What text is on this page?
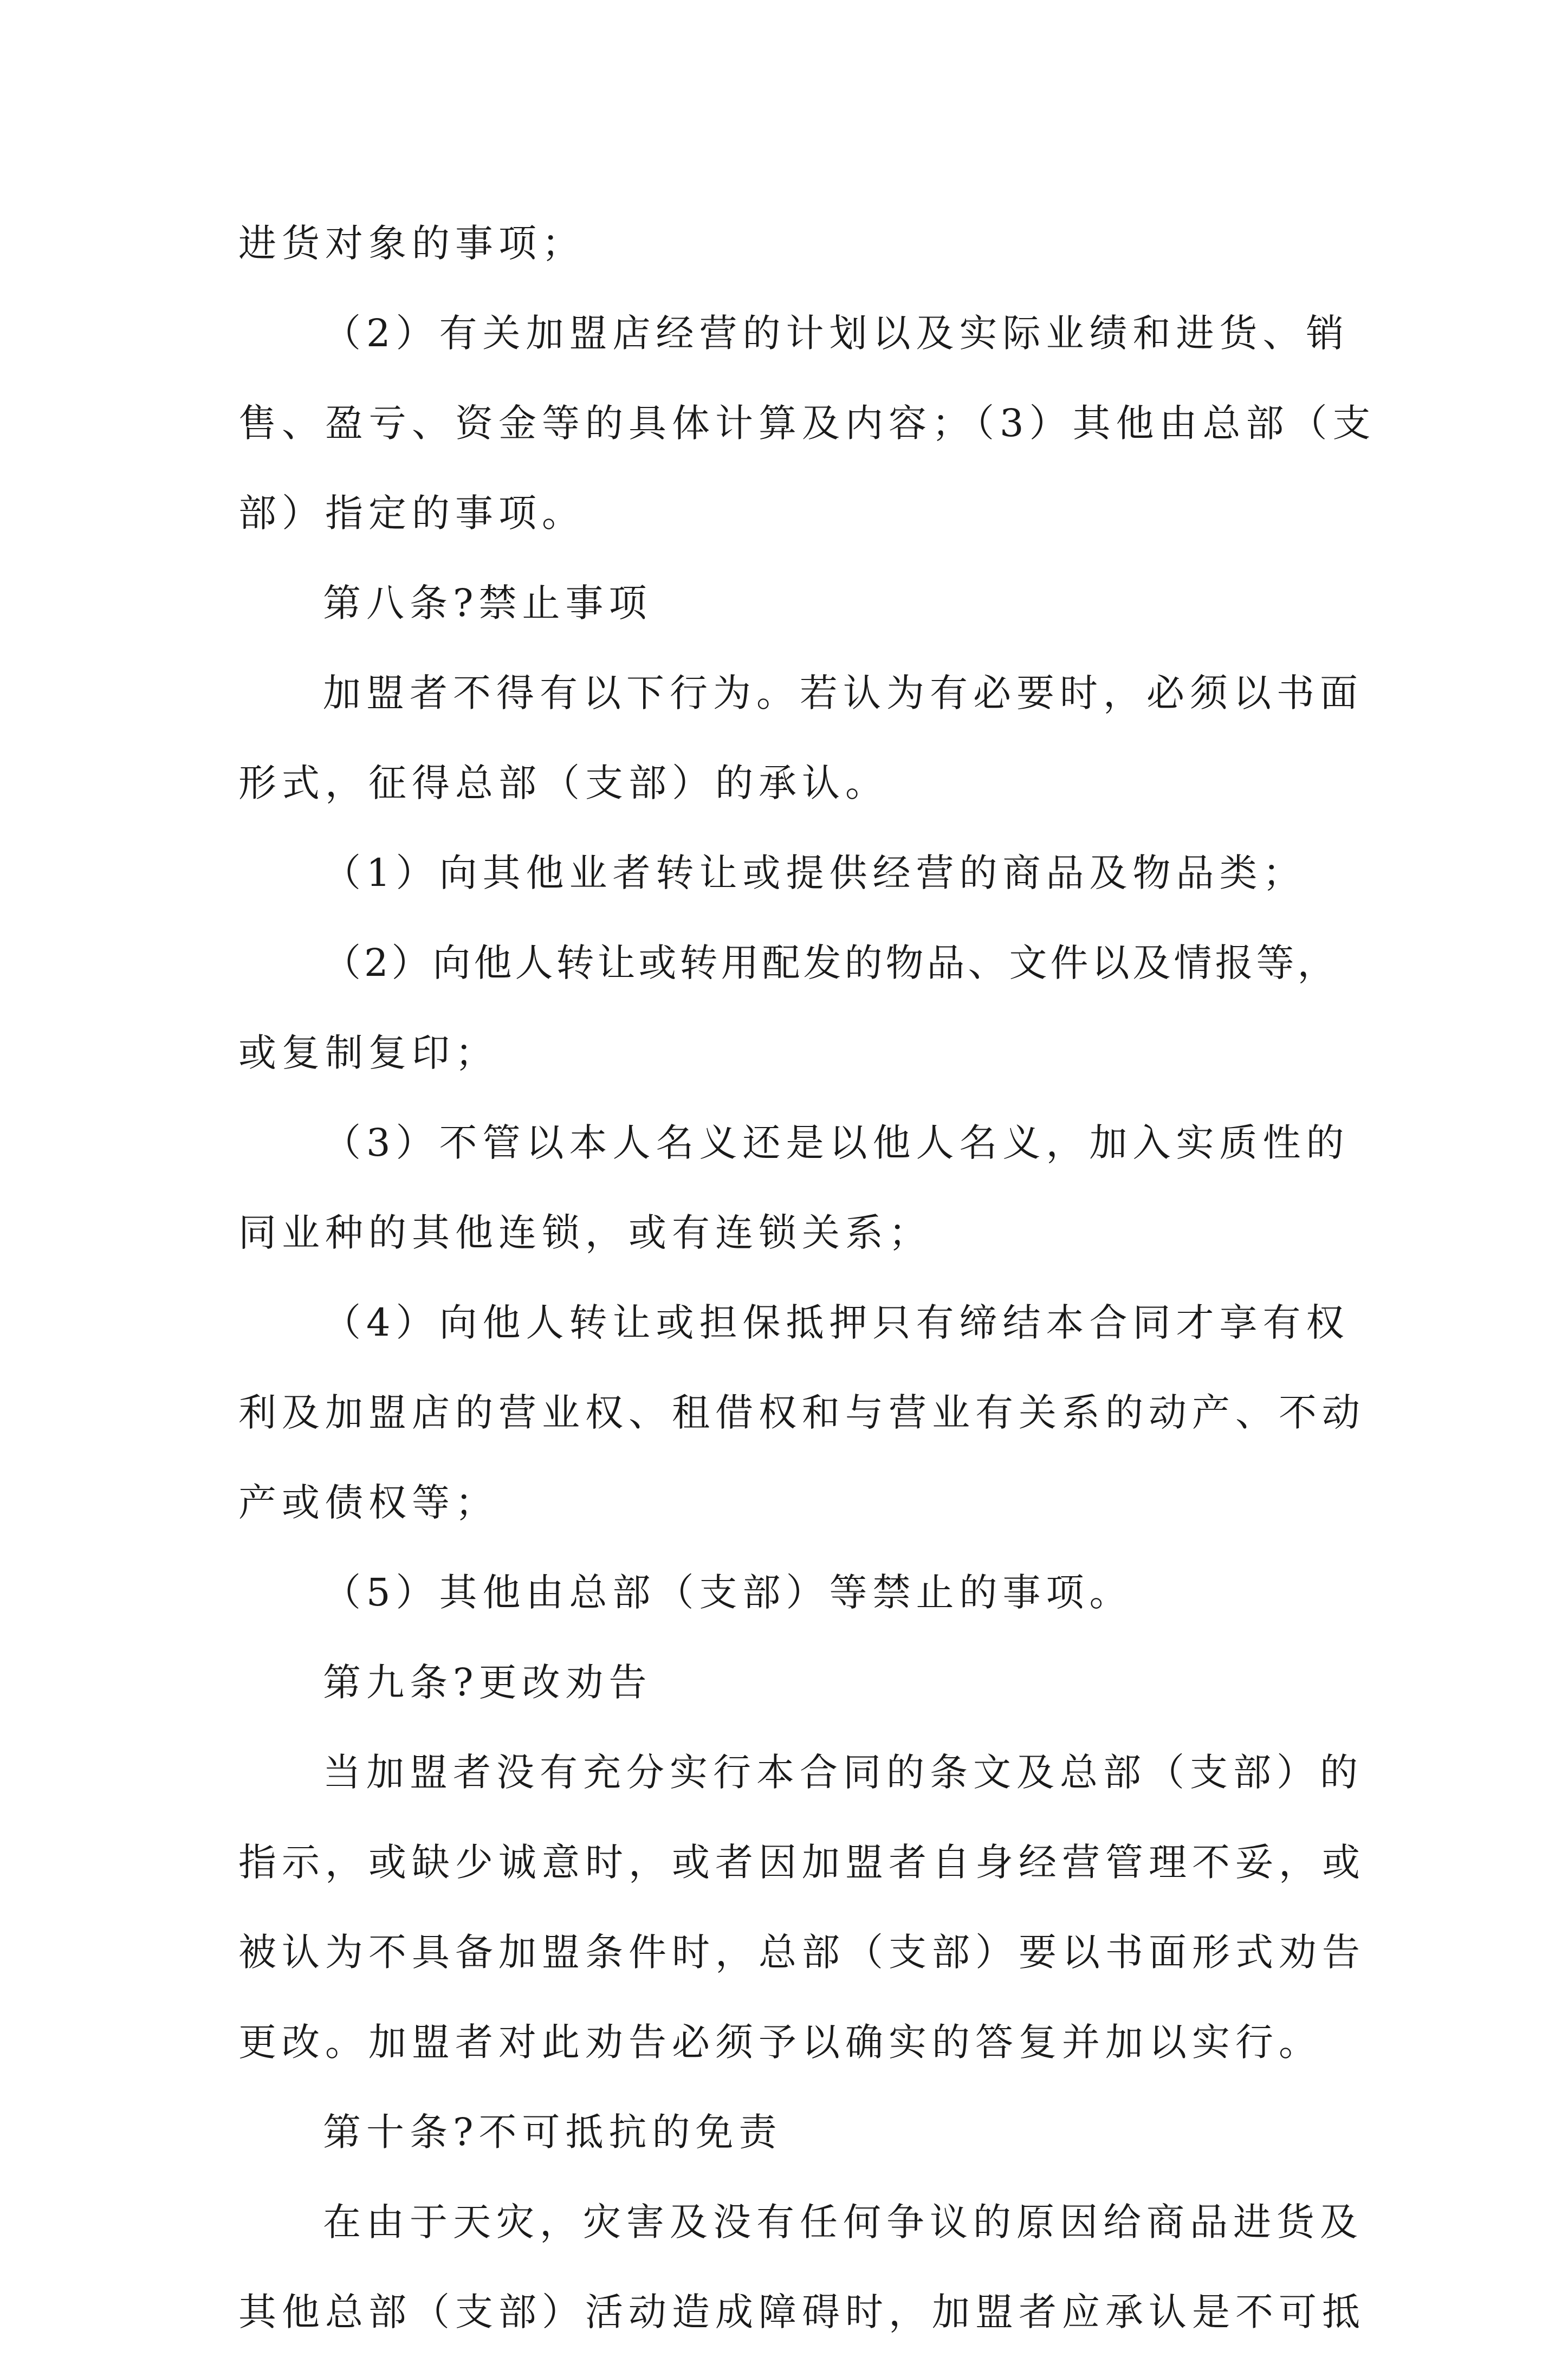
进货对象的事项；
（2）有关加盟店经营的计划以及实际业绩和进货、销
售、盈亏、资金等的具体计算及内容；（3）其他由总部（支
部）指定的事项。
第八条?禁止事项
加盟者不得有以下行为。若认为有必要时，必须以书面
形式，征得总部（支部）的承认。
（1）向其他业者转让或提供经营的商品及物品类；
（2）向他人转让或转用配发的物品、文件以及情报等，
或复制复印；
（3）不管以本人名义还是以他人名义，加入实质性的
同业种的其他连锁，或有连锁关系；
（4）向他人转让或担保抵押只有缔结本合同才享有权
利及加盟店的营业权、租借权和与营业有关系的动产、不动
产或债权等；
（5）其他由总部（支部）等禁止的事项。
第九条?更改劝告
当加盟者没有充分实行本合同的条文及总部（支部）的
指示，或缺少诚意时，或者因加盟者自身经营管理不妥，或
被认为不具备加盟条件时，总部（支部）要以书面形式劝告
更改。加盟者对此劝告必须予以确实的答复并加以实行。
第十条?不可抵抗的免责
在由于天灾，灾害及没有任何争议的原因给商品进货及
其他总部（支部）活动造成障碍时，加盟者应承认是不可抵
